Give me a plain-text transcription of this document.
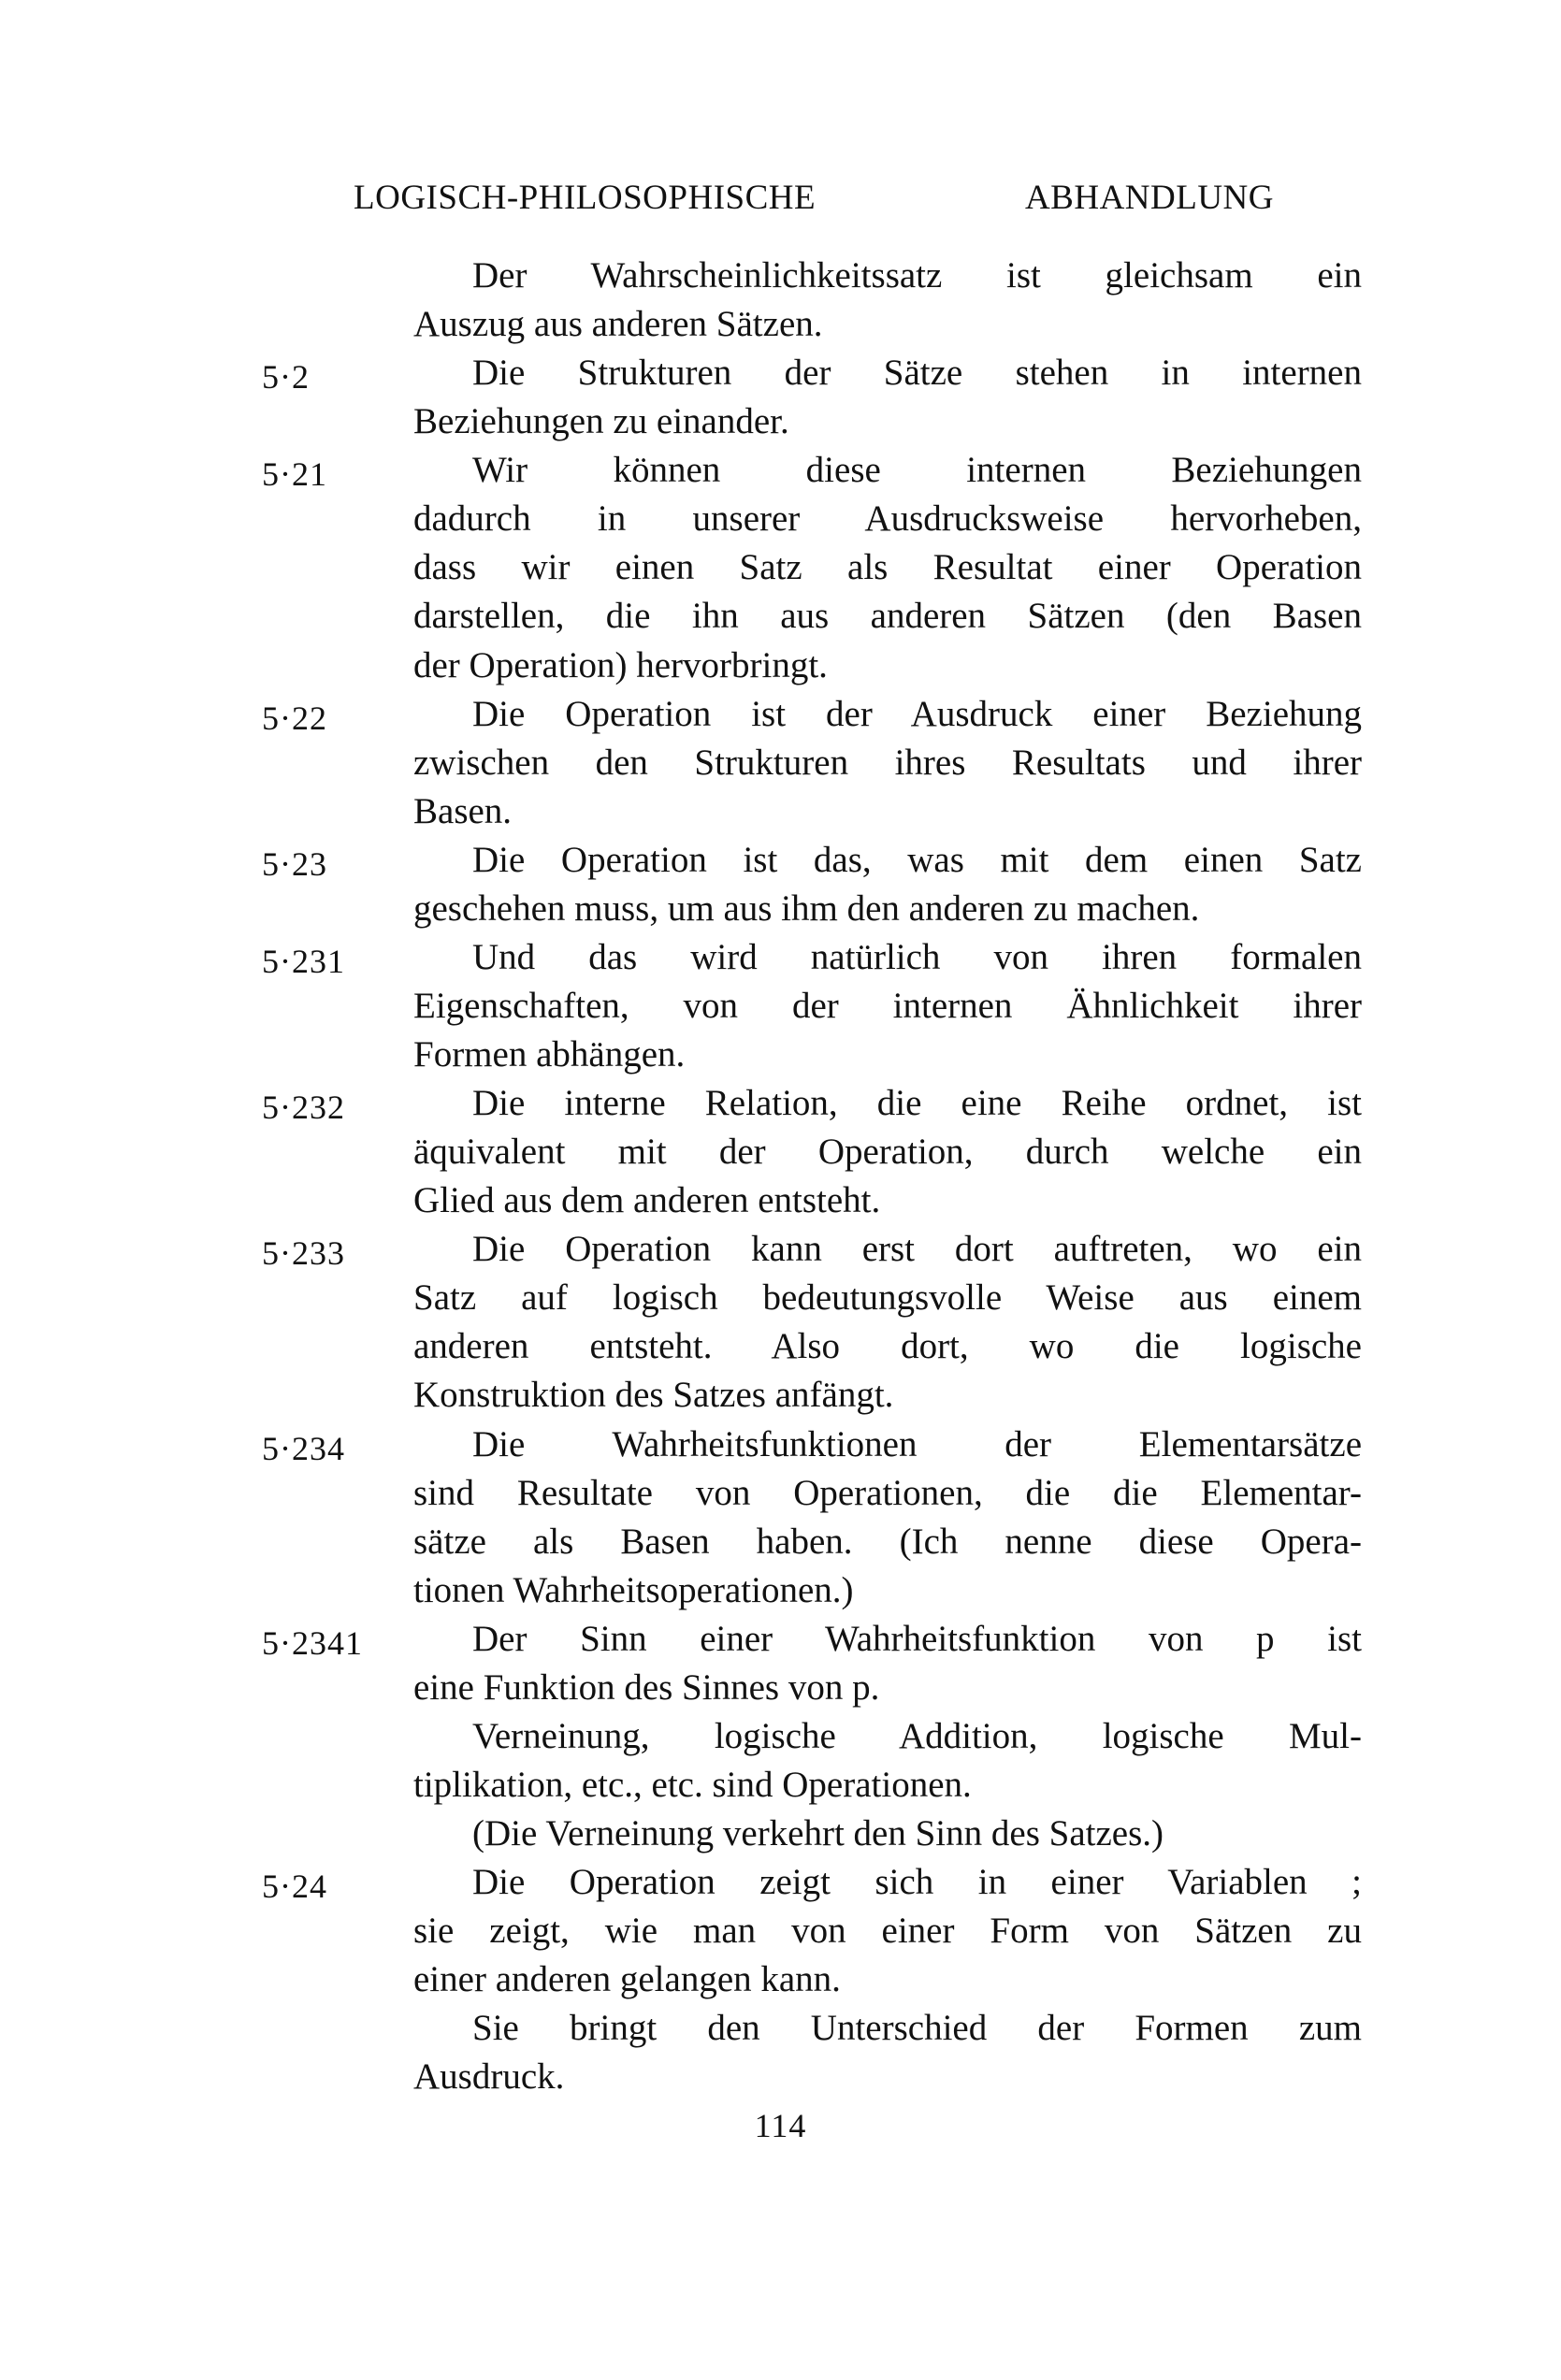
LOGISCH-PHILOSOPHISCHE ABHANDLUNG
Der Wahrscheinlichkeitssatz ist gleichsam ein
Auszug aus anderen Sätzen.
5·2	Die Strukturen der Sätze stehen in internen
Beziehungen zu einander.
5·21	Wir können diese internen Beziehungen
dadurch in unserer Ausdrucksweise hervorheben,
dass wir einen Satz als Resultat einer Operation
darstellen, die ihn aus anderen Sätzen (den Basen
der Operation) hervorbringt.
5·22	Die Operation ist der Ausdruck einer Beziehung
zwischen den Strukturen ihres Resultats und ihrer
Basen.
5·23	Die Operation ist das, was mit dem einen Satz
geschehen muss, um aus ihm den anderen zu machen.
5·231	Und das wird natürlich von ihren formalen
Eigenschaften, von der internen Ähnlichkeit ihrer
Formen abhängen.
5·232	Die interne Relation, die eine Reihe ordnet, ist
äquivalent mit der Operation, durch welche ein
Glied aus dem anderen entsteht.
5·233	Die Operation kann erst dort auftreten, wo ein
Satz auf logisch bedeutungsvolle Weise aus einem
anderen entsteht. Also dort, wo die logische
Konstruktion des Satzes anfängt.
5·234	Die Wahrheitsfunktionen der Elementarsätze
sind Resultate von Operationen, die die Elementar-
sätze als Basen haben. (Ich nenne diese Opera-
tionen Wahrheitsoperationen.)
5·2341	Der Sinn einer Wahrheitsfunktion von p ist
eine Funktion des Sinnes von p.
Verneinung, logische Addition, logische Mul-
tiplikation, etc., etc. sind Operationen.
(Die Verneinung verkehrt den Sinn des Satzes.)
5·24	Die Operation zeigt sich in einer Variablen ;
sie zeigt, wie man von einer Form von Sätzen zu
einer anderen gelangen kann.
Sie bringt den Unterschied der Formen zum
Ausdruck.
114
